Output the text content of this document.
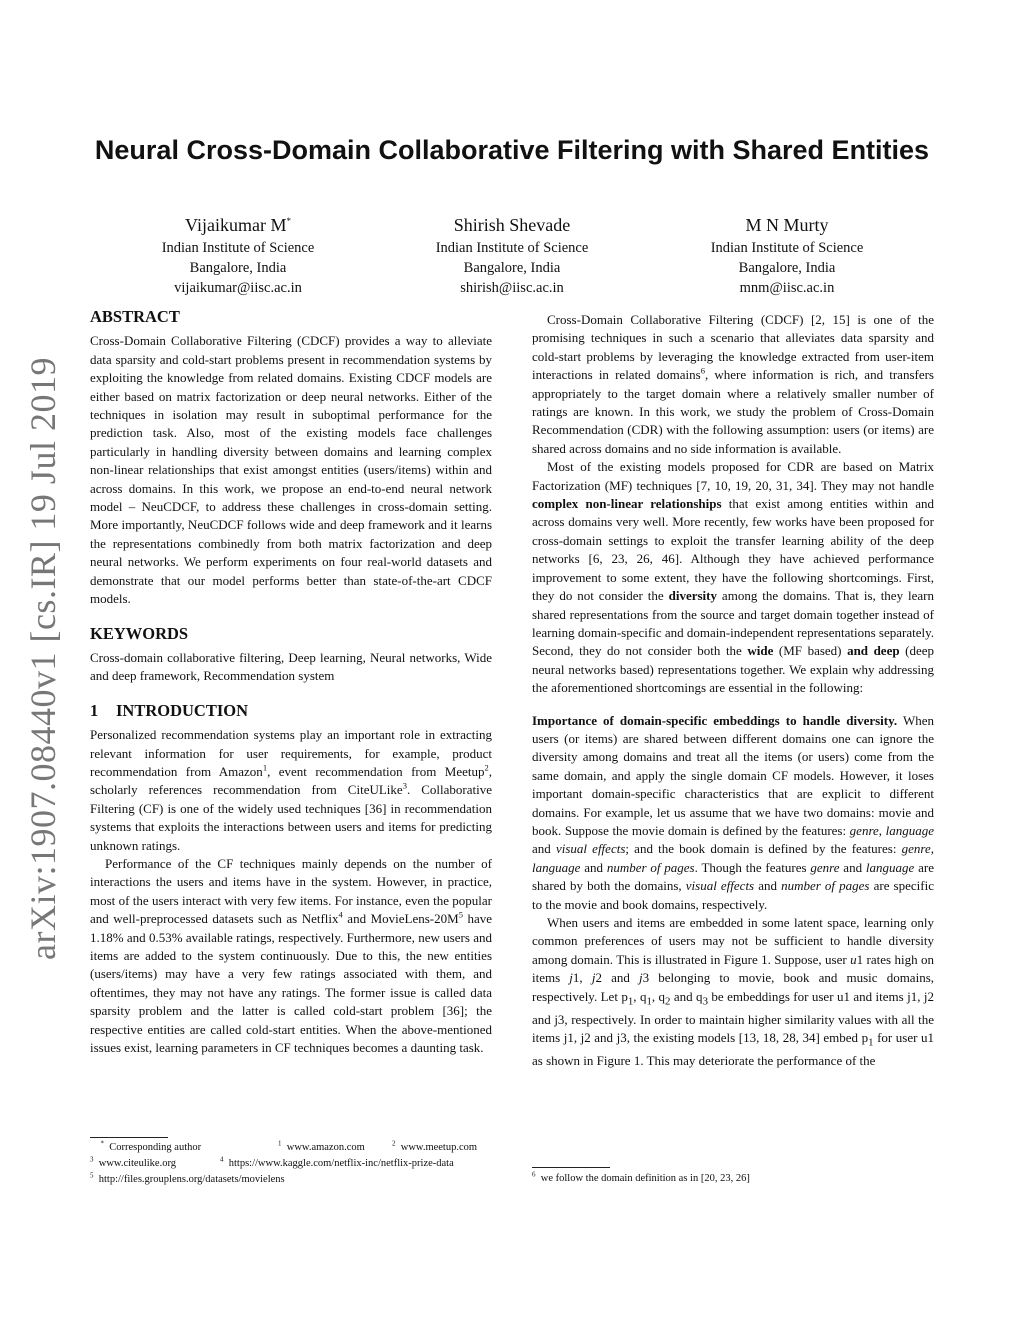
arXiv:1907.08440v1 [cs.IR] 19 Jul 2019
Neural Cross-Domain Collaborative Filtering with Shared Entities
Vijaikumar M*
Indian Institute of Science
Bangalore, India
vijaikumar@iisc.ac.in
Shirish Shevade
Indian Institute of Science
Bangalore, India
shirish@iisc.ac.in
M N Murty
Indian Institute of Science
Bangalore, India
mnm@iisc.ac.in
ABSTRACT

Cross-Domain Collaborative Filtering (CDCF) provides a way to alleviate data sparsity and cold-start problems present in recommendation systems by exploiting the knowledge from related domains. Existing CDCF models are either based on matrix factorization or deep neural networks. Either of the techniques in isolation may result in suboptimal performance for the prediction task. Also, most of the existing models face challenges particularly in handling diversity between domains and learning complex non-linear relationships that exist amongst entities (users/items) within and across domains. In this work, we propose an end-to-end neural network model – NeuCDCF, to address these challenges in cross-domain setting. More importantly, NeuCDCF follows wide and deep framework and it learns the representations combinedly from both matrix factorization and deep neural networks. We perform experiments on four real-world datasets and demonstrate that our model performs better than state-of-the-art CDCF models.

KEYWORDS

Cross-domain collaborative filtering, Deep learning, Neural networks, Wide and deep framework, Recommendation system

1 INTRODUCTION

Personalized recommendation systems play an important role in extracting relevant information for user requirements, for example, product recommendation from Amazon$^1$, event recommendation from Meetup$^2$, scholarly references recommendation from CiteULike$^3$. Collaborative Filtering (CF) is one of the widely used techniques [36] in recommendation systems that exploits the interactions between users and items for predicting unknown ratings.

Performance of the CF techniques mainly depends on the number of interactions the users and items have in the system. However, in practice, most of the users interact with very few items. For instance, even the popular and well-preprocessed datasets such as Netflix$^4$ and MovieLens-$20M^5$ have 1.18% and 0.53% available ratings, respectively. Furthermore, new users and items are added to the system continuously. Due to this, the new entities (users/items) may have a very few ratings associated with them, and oftentimes, they may not have any ratings. The former issue is called data sparsity problem and the latter is called cold-start problem [36]; the respective entities are called cold-start entities. When the above-mentioned issues exist, learning parameters in CF techniques becomes a daunting task.

* Corresponding author	$^1$ www.amazon.com	$^2$ www.meetup.com
$^3$ www.citeulike.org	$^4$ https://www.kaggle.com/netflix-inc/netflix-prize-data
$^5$ http://files.grouplens.org/datasets/movielens

Cross-Domain Collaborative Filtering (CDCF) [2, 15] is one of the promising techniques in such a scenario that alleviates data sparsity and cold-start problems by leveraging the knowledge extracted from user-item interactions in related domains$^6$, where information is rich, and transfers appropriately to the target domain where a relatively smaller number of ratings are known. In this work, we study the problem of Cross-Domain Recommendation (CDR) with the following assumption: users (or items) are shared across domains and no side information is available.

Most of the existing models proposed for CDR are based on Matrix Factorization (MF) techniques [7, 10, 19, 20, 31, 34]. They may not handle complex non-linear relationships that exist among entities within and across domains very well. More recently, few works have been proposed for cross-domain settings to exploit the transfer learning ability of the deep networks [6, 23, 26, 46]. Although they have achieved performance improvement to some extent, they have the following shortcomings. First, they do not consider the diversity among the domains. That is, they learn shared representations from the source and target domain together instead of learning domain-specific and domain-independent representations separately. Second, they do not consider both the wide (MF based) and deep (deep neural networks based) representations together. We explain why addressing the aforementioned shortcomings are essential in the following:

Importance of domain-specific embeddings to handle diversity. When users (or items) are shared between different domains one can ignore the diversity among domains and treat all the items (or users) come from the same domain, and apply the single domain CF models. However, it loses important domain-specific characteristics that are explicit to different domains. For example, let us assume that we have two domains: movie and book. Suppose the movie domain is defined by the features: genre, language and visual effects; and the book domain is defined by the features: genre, language and number of pages. Though the features genre and language are shared by both the domains, visual effects and number of pages are specific to the movie and book domains, respectively.

When users and items are embedded in some latent space, learning only common preferences of users may not be sufficient to handle diversity among domain. This is illustrated in Figure 1. Suppose, user u1 rates high on items j1, j2 and j3 belonging to movie, book and music domains, respectively. Let $p_1$, $q_1$, $q_2$ and $q_3$ be embeddings for user u1 and items j1, j2 and j3, respectively. In order to maintain higher similarity values with all the items j1, j2 and j3, the existing models [13, 18, 28, 34] embed $p_1$ for user u1 as shown in Figure 1. This may deteriorate the performance of the

$^6$ we follow the domain definition as in [20, 23, 26]
